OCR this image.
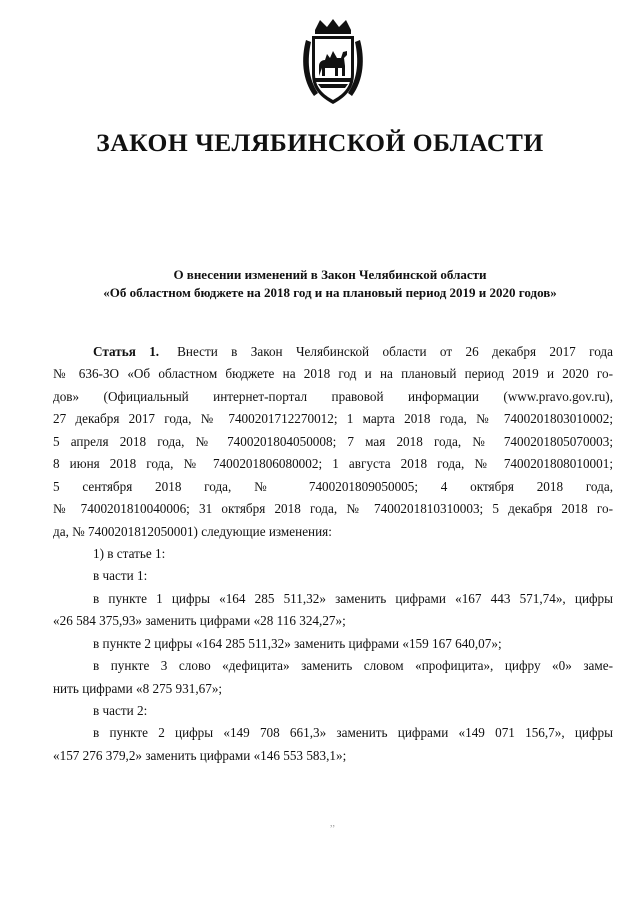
ЗАКОН ЧЕЛЯБИНСКОЙ ОБЛАСТИ
О внесении изменений в Закон Челябинской области
«Об областном бюджете на 2018 год и на плановый период 2019 и 2020 годов»
Статья 1. Внести в Закон Челябинской области от 26 декабря 2017 года
№ 636-ЗО «Об областном бюджете на 2018 год и на плановый период 2019 и 2020 го-
дов» (Официальный интернет-портал правовой информации (www.pravo.gov.ru),
27 декабря 2017 года, № 7400201712270012; 1 марта 2018 года, № 7400201803010002;
5 апреля 2018 года, № 7400201804050008; 7 мая 2018 года, № 7400201805070003;
8 июня 2018 года, № 7400201806080002; 1 августа 2018 года, № 7400201808010001;
5 сентября 2018 года, № 7400201809050005; 4 октября 2018 года,
№ 7400201810040006; 31 октября 2018 года, № 7400201810310003; 5 декабря 2018 го-
да, № 7400201812050001) следующие изменения:
1) в статье 1:
в части 1:
в пункте 1 цифры «164 285 511,32» заменить цифрами «167 443 571,74», цифры
«26 584 375,93» заменить цифрами «28 116 324,27»;
в пункте 2 цифры «164 285 511,32» заменить цифрами «159 167 640,07»;
в пункте 3 слово «дефицита» заменить словом «профицита», цифру «0» заме-
нить цифрами «8 275 931,67»;
в части 2:
в пункте 2 цифры «149 708 661,3» заменить цифрами «149 071 156,7», цифры
«157 276 379,2» заменить цифрами «146 553 583,1»;
,,
